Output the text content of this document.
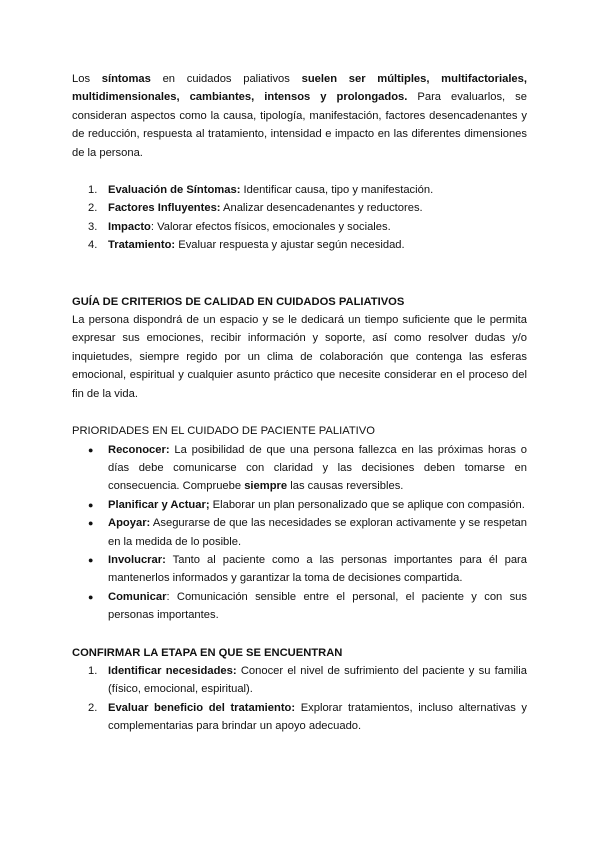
Los síntomas en cuidados paliativos suelen ser múltiples, multifactoriales, multidimensionales, cambiantes, intensos y prolongados. Para evaluarlos, se consideran aspectos como la causa, tipología, manifestación, factores desencadenantes y de reducción, respuesta al tratamiento, intensidad e impacto en las diferentes dimensiones de la persona.

1. Evaluación de Síntomas: Identificar causa, tipo y manifestación.
2. Factores Influyentes: Analizar desencadenantes y reductores.
3. Impacto: Valorar efectos físicos, emocionales y sociales.
4. Tratamiento: Evaluar respuesta y ajustar según necesidad.

GUÍA DE CRITERIOS DE CALIDAD EN CUIDADOS PALIATIVOS

La persona dispondrá de un espacio y se le dedicará un tiempo suficiente que le permita expresar sus emociones, recibir información y soporte, así como resolver dudas y/o inquietudes, siempre regido por un clima de colaboración que contenga las esferas emocional, espiritual y cualquier asunto práctico que necesite considerar en el proceso del fin de la vida.

PRIORIDADES EN EL CUIDADO DE PACIENTE PALIATIVO

● Reconocer: La posibilidad de que una persona fallezca en las próximas horas o días debe comunicarse con claridad y las decisiones deben tomarse en consecuencia. Compruebe siempre las causas reversibles.
● Planificar y Actuar; Elaborar un plan personalizado que se aplique con compasión.
● Apoyar: Asegurarse de que las necesidades se exploran activamente y se respetan en la medida de lo posible.
● Involucrar: Tanto al paciente como a las personas importantes para él para mantenerlos informados y garantizar la toma de decisiones compartida.
● Comunicar: Comunicación sensible entre el personal, el paciente y con sus personas importantes.

CONFIRMAR LA ETAPA EN QUE SE ENCUENTRAN

1. Identificar necesidades: Conocer el nivel de sufrimiento del paciente y su familia (físico, emocional, espiritual).
2. Evaluar beneficio del tratamiento: Explorar tratamientos, incluso alternativas y complementarias para brindar un apoyo adecuado.
